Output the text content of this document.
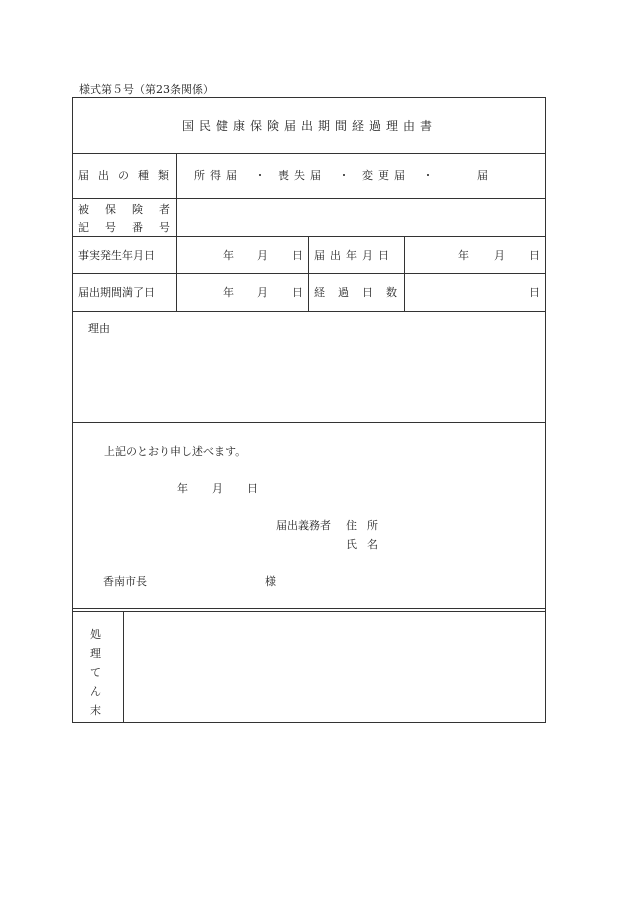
様式第５号（第23条関係）
国民健康保険届出期間経過理由書
届出の種類 所得届 ・ 喪失届 ・ 変更届 ・	届
被保険者
記号番号
事実発生年月日	年 月 日 届出年月日	年 月 日
届出期間満了日	年 月 日 経過日数	日
理由
上記のとおり申し述べます。
年 月 日
届出義務者 住所
氏名
香南市長	様
処
理
て
ん
末
